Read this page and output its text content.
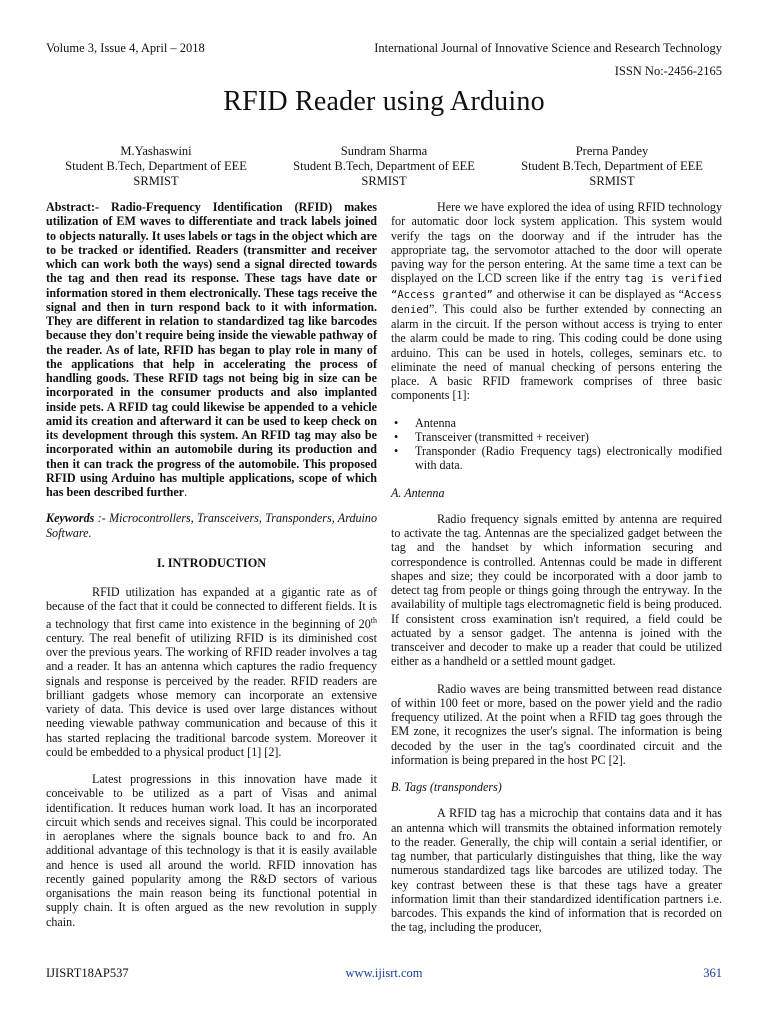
Volume 3, Issue 4, April – 2018	International Journal of Innovative Science and Research Technology
ISSN No:-2456-2165
RFID Reader using Arduino
M.Yashaswini
Student B.Tech, Department of EEE
SRMIST
Sundram Sharma
Student B.Tech, Department of EEE
SRMIST
Prerna Pandey
Student B.Tech, Department of EEE
SRMIST

Abstract:- Radio-Frequency Identification (RFID) makes utilization of EM waves to differentiate and track labels joined to objects naturally. It uses labels or tags in the object which are to be tracked or identified. Readers (transmitter and receiver which can work both the ways) send a signal directed towards the tag and then read its response. These tags have date or information stored in them electronically. These tags receive the signal and then in turn respond back to it with information. They are different in relation to standardized tag like barcodes because they don't require being inside the viewable pathway of the reader. As of late, RFID has began to play role in many of the applications that help in accelerating the process of handling goods. These RFID tags not being big in size can be incorporated in the consumer products and also implanted inside pets. A RFID tag could likewise be appended to a vehicle amid its creation and afterward it can be used to keep check on its development through this system. An RFID tag may also be incorporated within an automobile during its production and then it can track the progress of the automobile. This proposed RFID using Arduino has multiple applications, scope of which has been described further.

Keywords :- Microcontrollers, Transceivers, Transponders, Arduino Software.

I. INTRODUCTION

RFID utilization has expanded at a gigantic rate as of because of the fact that it could be connected to different fields. It is a technology that first came into existence in the beginning of 20th century. The real benefit of utilizing RFID is its diminished cost over the previous years. The working of RFID reader involves a tag and a reader. It has an antenna which captures the radio frequency signals and response is perceived by the reader. RFID readers are brilliant gadgets whose memory can incorporate an extensive variety of data. This device is used over large distances without needing viewable pathway communication and because of this it has started replacing the traditional barcode system. Moreover it could be embedded to a physical product [1] [2].

Latest progressions in this innovation have made it conceivable to be utilized as a part of Visas and animal identification. It reduces human work load. It has an incorporated circuit which sends and receives signal. This could be incorporated in aeroplanes where the signals bounce back to and fro. An additional advantage of this technology is that it is easily available and hence is used all around the world. RFID innovation has recently gained popularity among the R&D sectors of various organisations the main reason being its functional potential in supply chain. It is often argued as the new revolution in supply chain.

Here we have explored the idea of using RFID technology for automatic door lock system application. This system would verify the tags on the doorway and if the intruder has the appropriate tag, the servomotor attached to the door will operate paving way for the person entering. At the same time a text can be displayed on the LCD screen like if the entry tag is verified “Access granted” and otherwise it can be displayed as “Access denied”. This could also be further extended by connecting an alarm in the circuit. If the person without access is trying to enter the alarm could be made to ring. This coding could be done using arduino. This can be used in hotels, colleges, seminars etc. to eliminate the need of manual checking of persons entering the place. A basic RFID framework comprises of three basic components [1]:

• Antenna
• Transceiver (transmitted + receiver)
• Transponder (Radio Frequency tags) electronically modified with data.

A. Antenna

Radio frequency signals emitted by antenna are required to activate the tag. Antennas are the specialized gadget between the tag and the handset by which information securing and correspondence is controlled. Antennas could be made in different shapes and size; they could be incorporated with a door jamb to detect tag from people or things going through the entryway. In the availability of multiple tags electromagnetic field is being produced. If consistent cross examination isn't required, a field could be actuated by a sensor gadget. The antenna is joined with the transceiver and decoder to make up a reader that could be utilized either as a handheld or a settled mount gadget.

Radio waves are being transmitted between read distance of within 100 feet or more, based on the power yield and the radio frequency utilized. At the point when a RFID tag goes through the EM zone, it recognizes the user's signal. The information is being decoded by the user in the tag's coordinated circuit and the information is being prepared in the host PC [2].

B. Tags (transponders)

A RFID tag has a microchip that contains data and it has an antenna which will transmits the obtained information remotely to the reader. Generally, the chip will contain a serial identifier, or tag number, that particularly distinguishes that thing, like the way numerous standardized tags like barcodes are utilized today. The key contrast between these is that these tags have a greater information limit than their standardized identification partners i.e. barcodes. This expands the kind of information that is recorded on the tag, including the producer,

IJISRT18AP537	www.ijisrt.com	361
